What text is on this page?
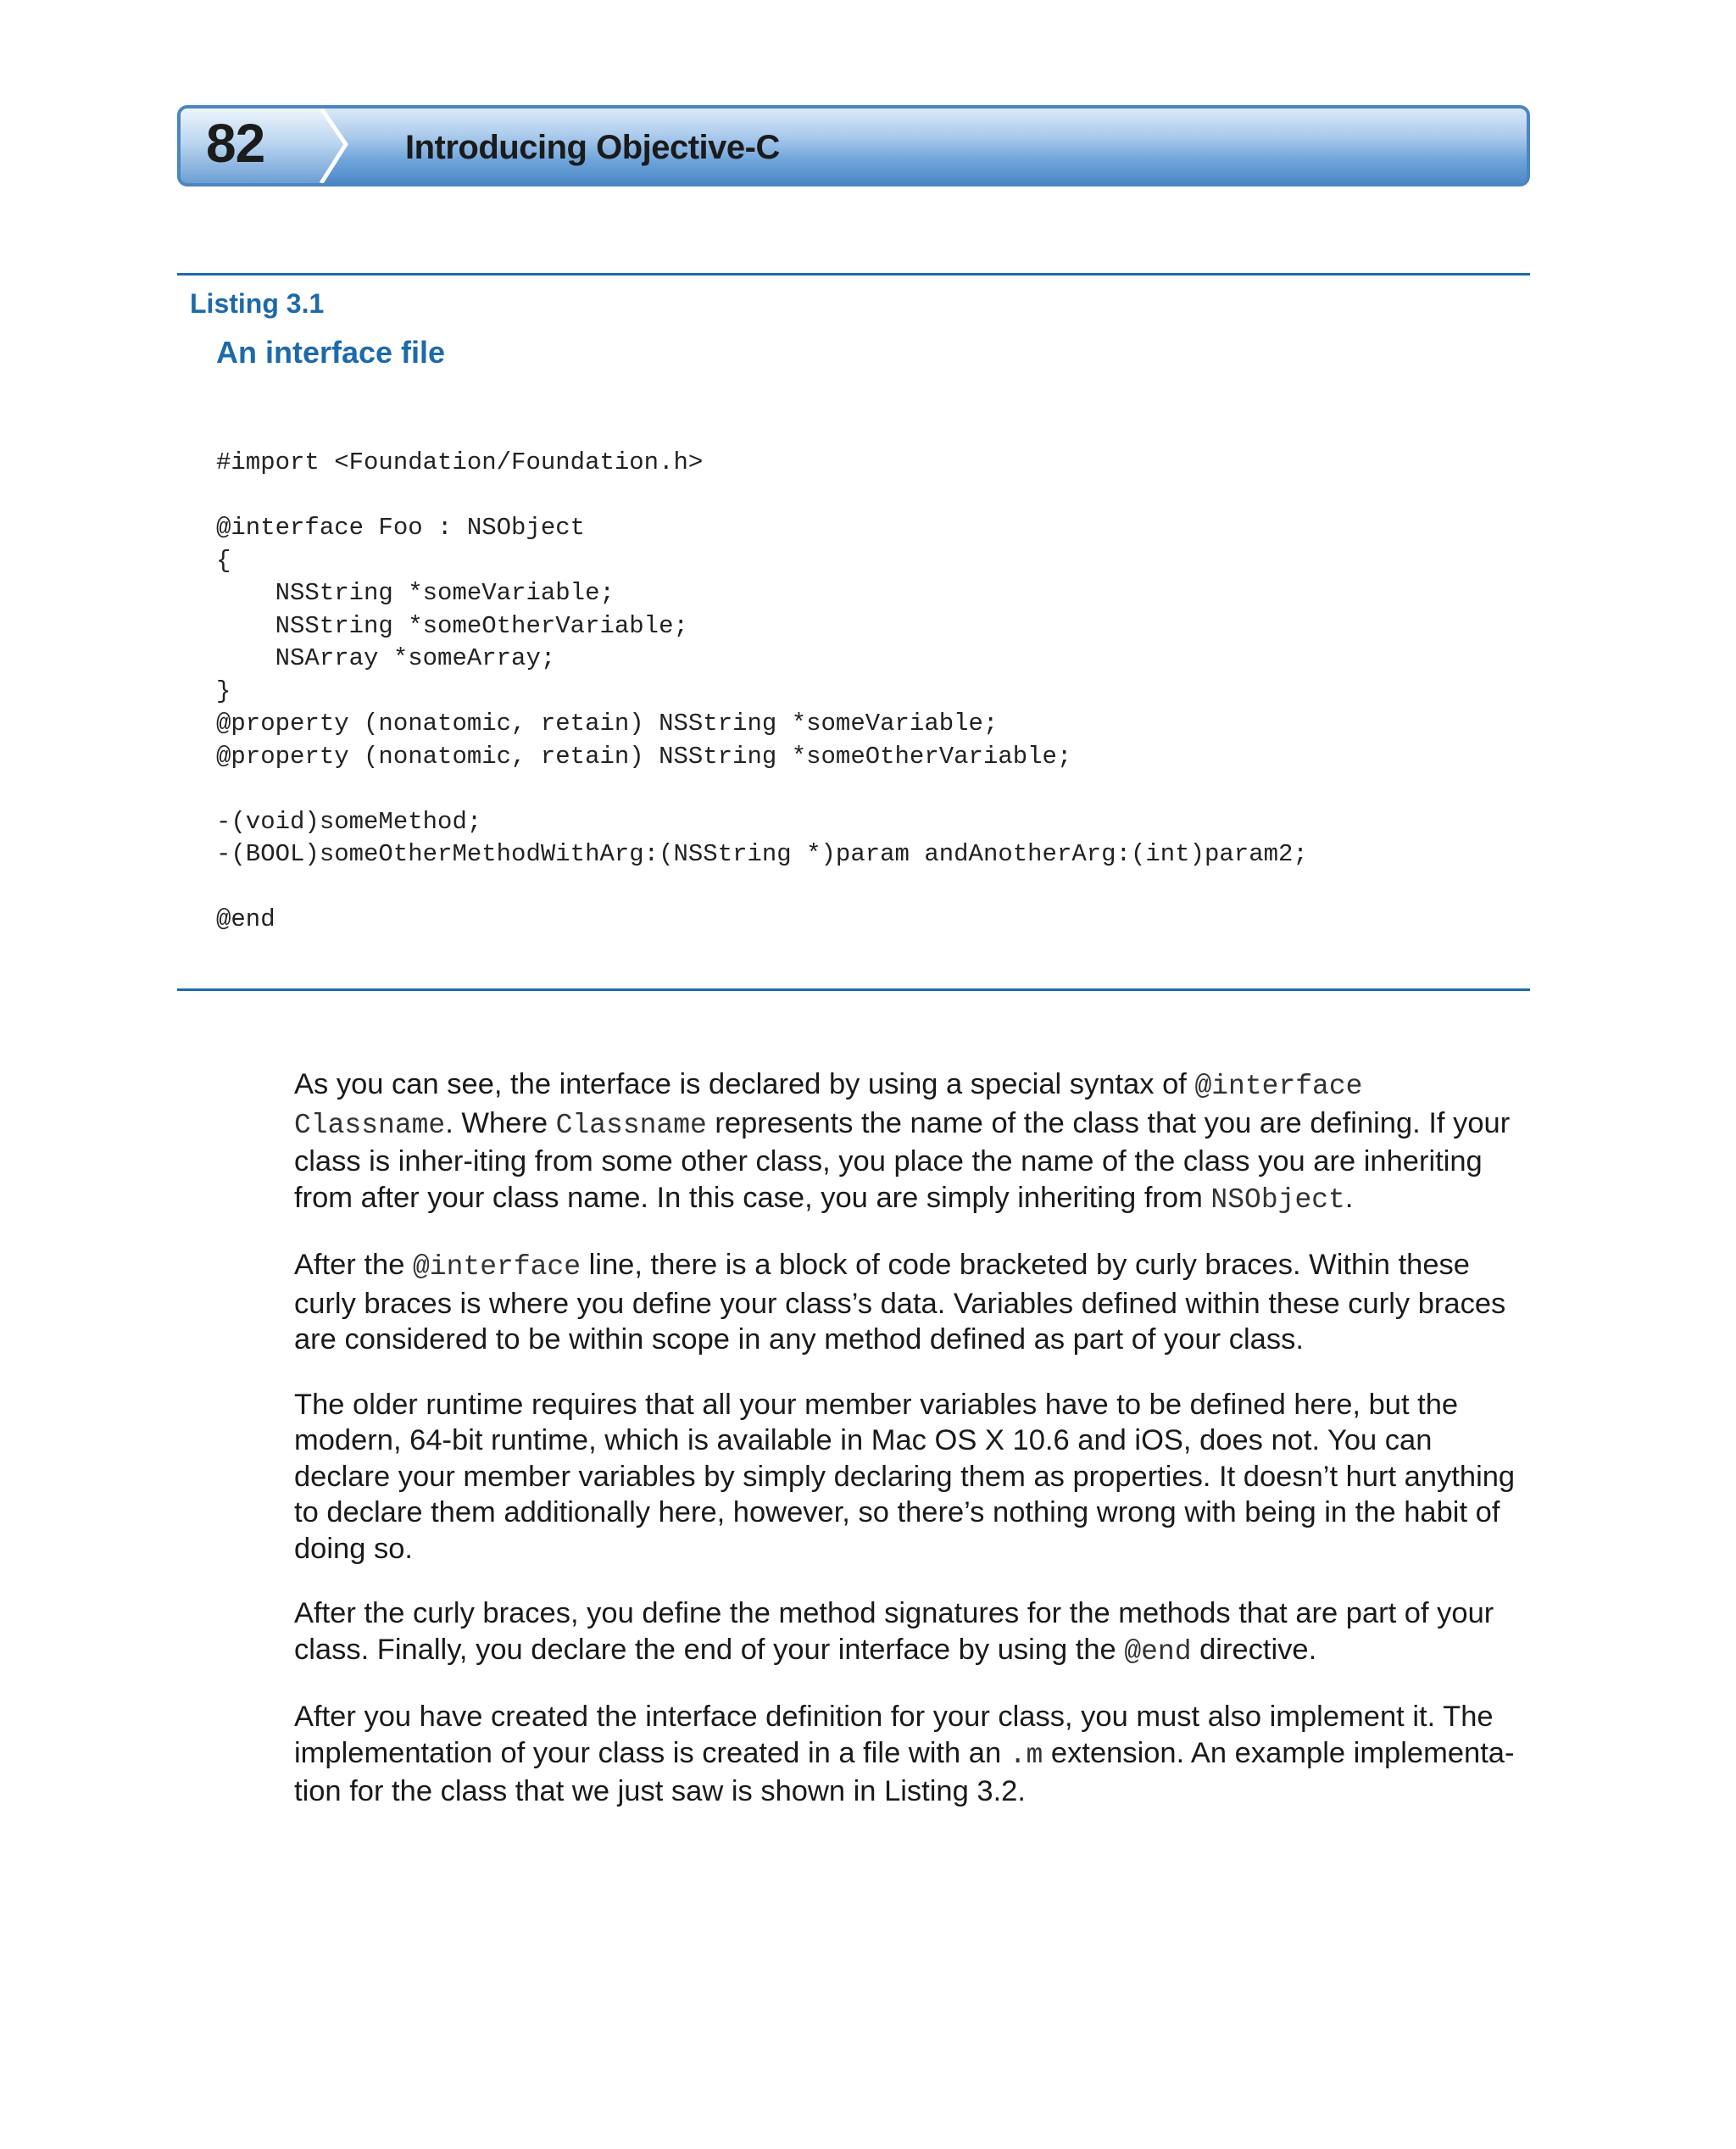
82	Introducing Objective-C
Listing 3.1
An interface file
#import <Foundation/Foundation.h>
@interface Foo : NSObject
{
NSString *someVariable;
NSString *someOtherVariable;
NSArray *someArray;
}
@property (nonatomic, retain) NSString *someVariable;
@property (nonatomic, retain) NSString *someOtherVariable;
-(void)someMethod;
-(BOOL)someOtherMethodWithArg:(NSString *)param andAnotherArg:(int)param2;
@end

As you can see, the interface is declared by using a special syntax of @interface Classname. Where Classname represents the name of the class that you are defining. If your class is inher-iting from some other class, you place the name of the class you are inheriting from after your class name. In this case, you are simply inheriting from NSObject.

After the @interface line, there is a block of code bracketed by curly braces. Within these curly braces is where you define your class’s data. Variables defined within these curly braces are considered to be within scope in any method defined as part of your class.

The older runtime requires that all your member variables have to be defined here, but the modern, 64-bit runtime, which is available in Mac OS X 10.6 and iOS, does not. You can declare your member variables by simply declaring them as properties. It doesn’t hurt anything to declare them additionally here, however, so there’s nothing wrong with being in the habit of doing so.

After the curly braces, you define the method signatures for the methods that are part of your class. Finally, you declare the end of your interface by using the @end directive.

After you have created the interface definition for your class, you must also implement it. The implementation of your class is created in a file with an .m extension. An example implementa-tion for the class that we just saw is shown in Listing 3.2.
